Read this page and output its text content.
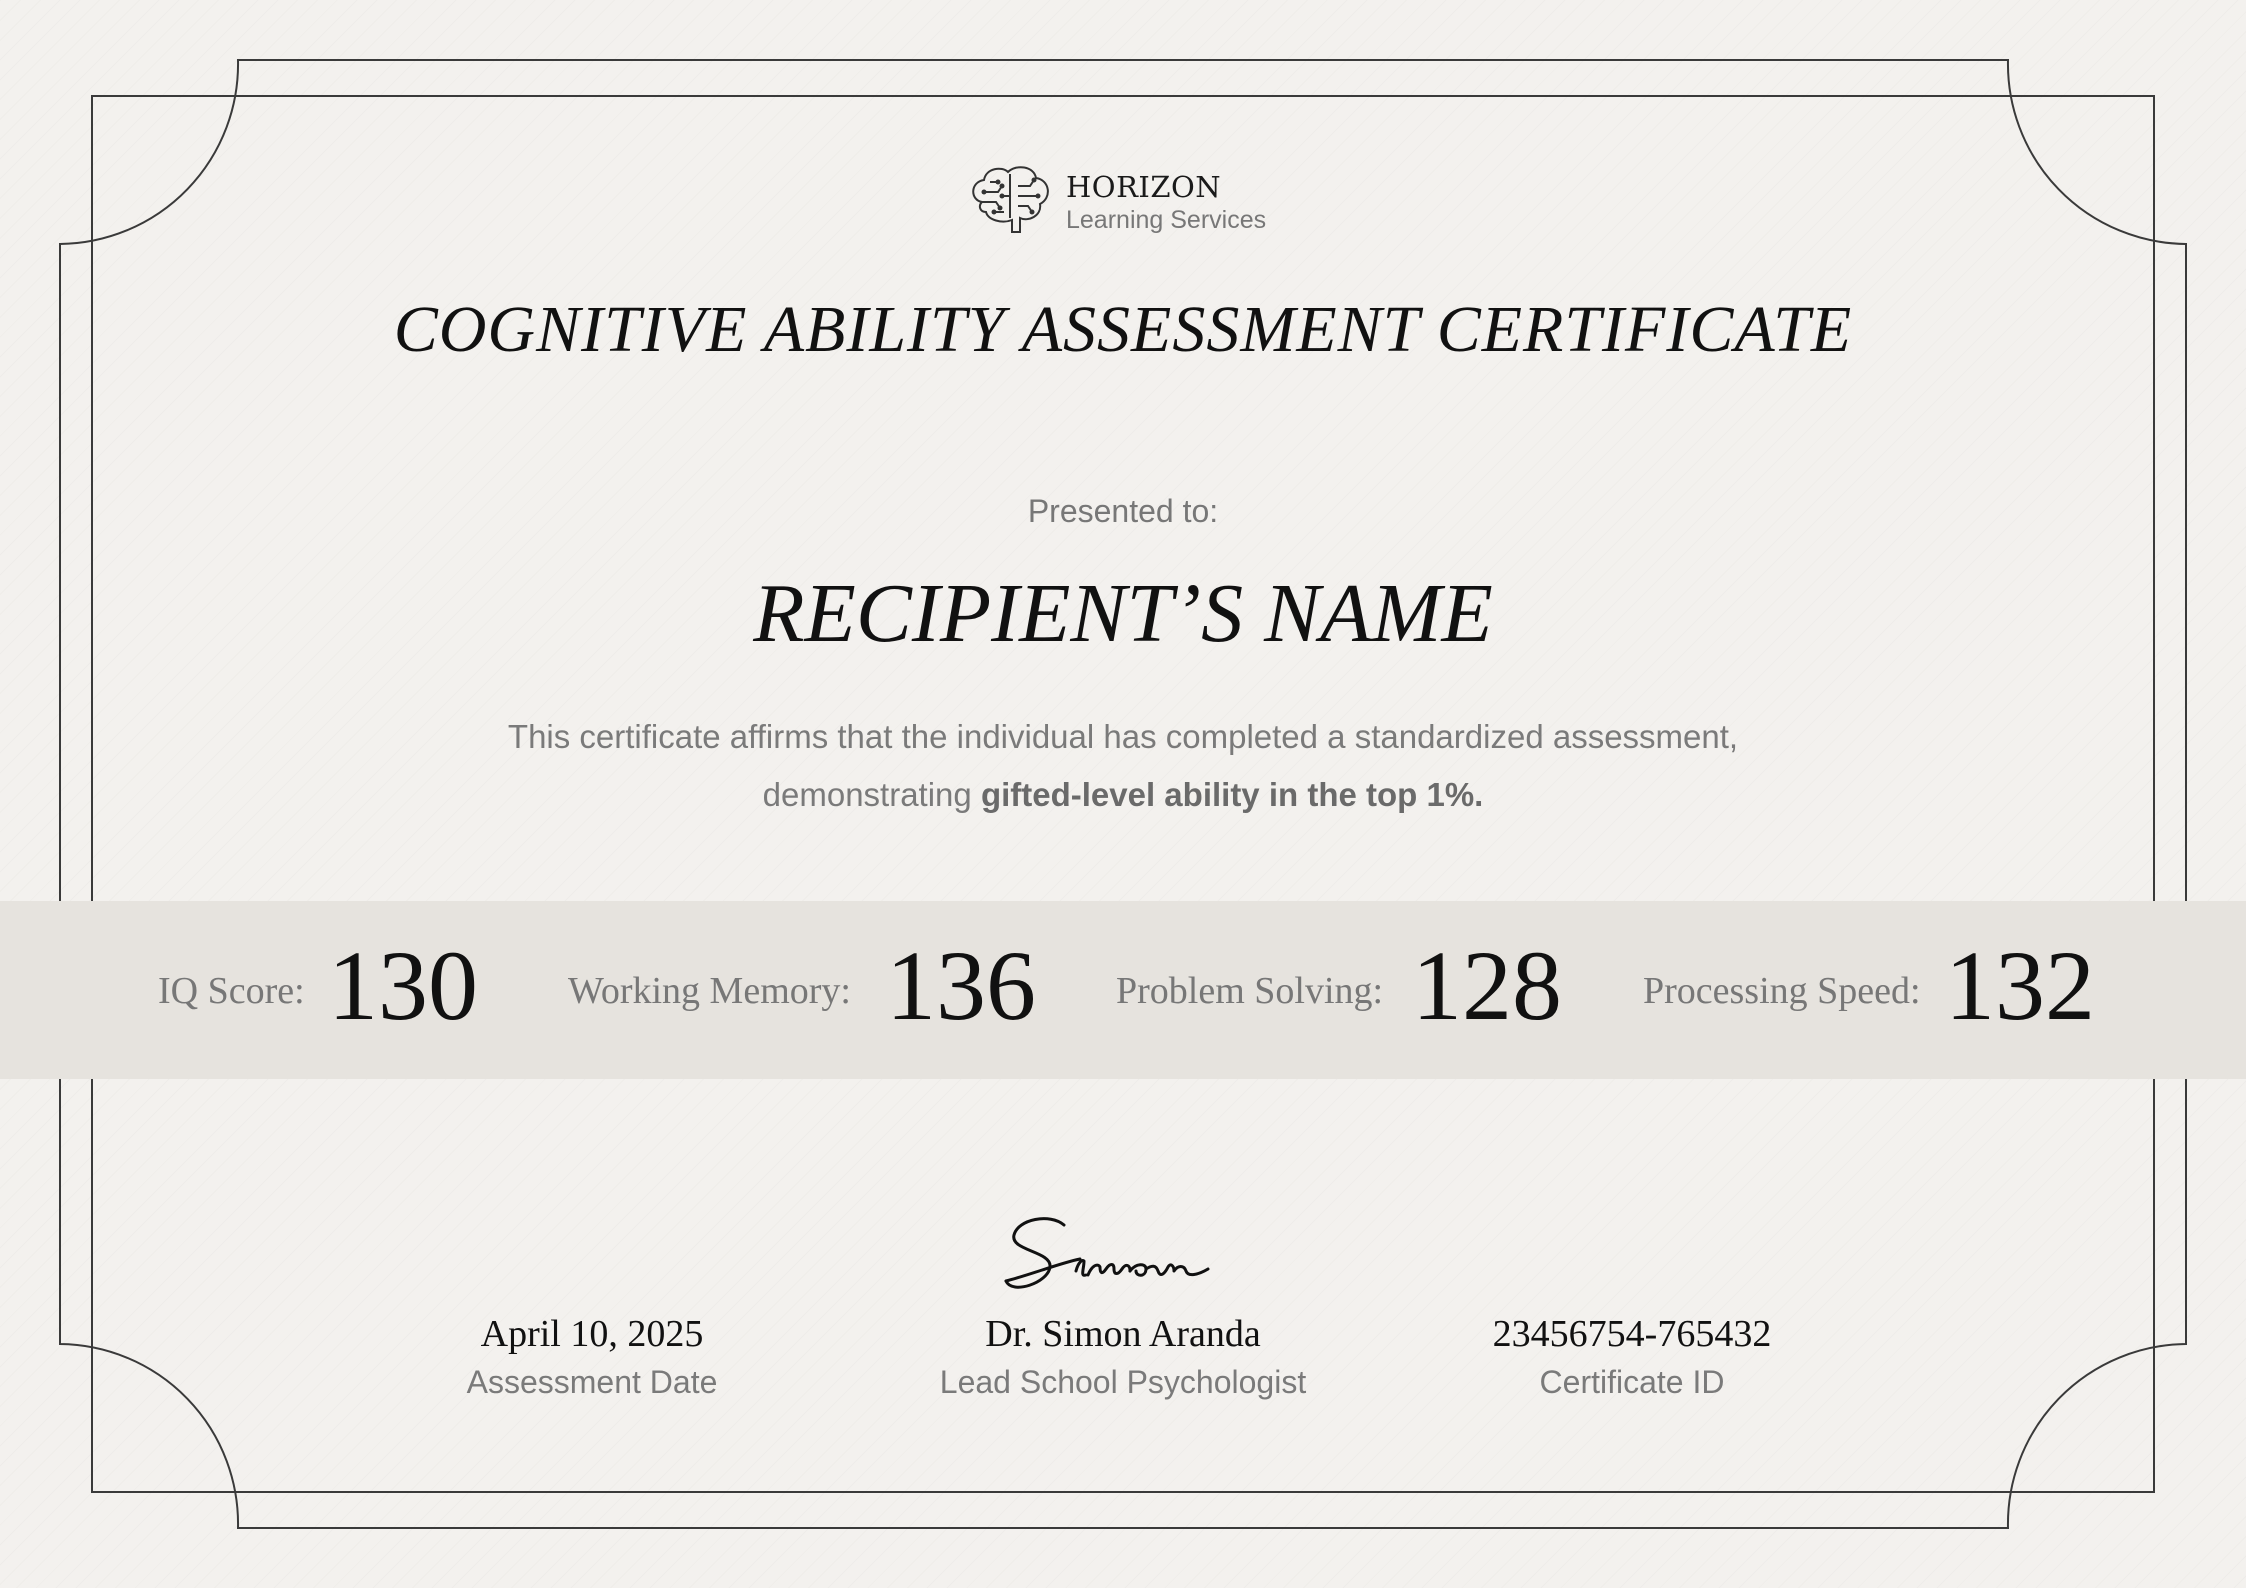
HORIZON
Learning Services
COGNITIVE ABILITY ASSESSMENT CERTIFICATE
Presented to:
RECIPIENT’S NAME
This certificate affirms that the individual has completed a standardized assessment,
demonstrating gifted-level ability in the top 1%.
IQ Score: 130 Working Memory: 136 Problem Solving: 128 Processing Speed: 132
April 10, 2025
Assessment Date
Dr. Simon Aranda
Lead School Psychologist
23456754-765432
Certificate ID
